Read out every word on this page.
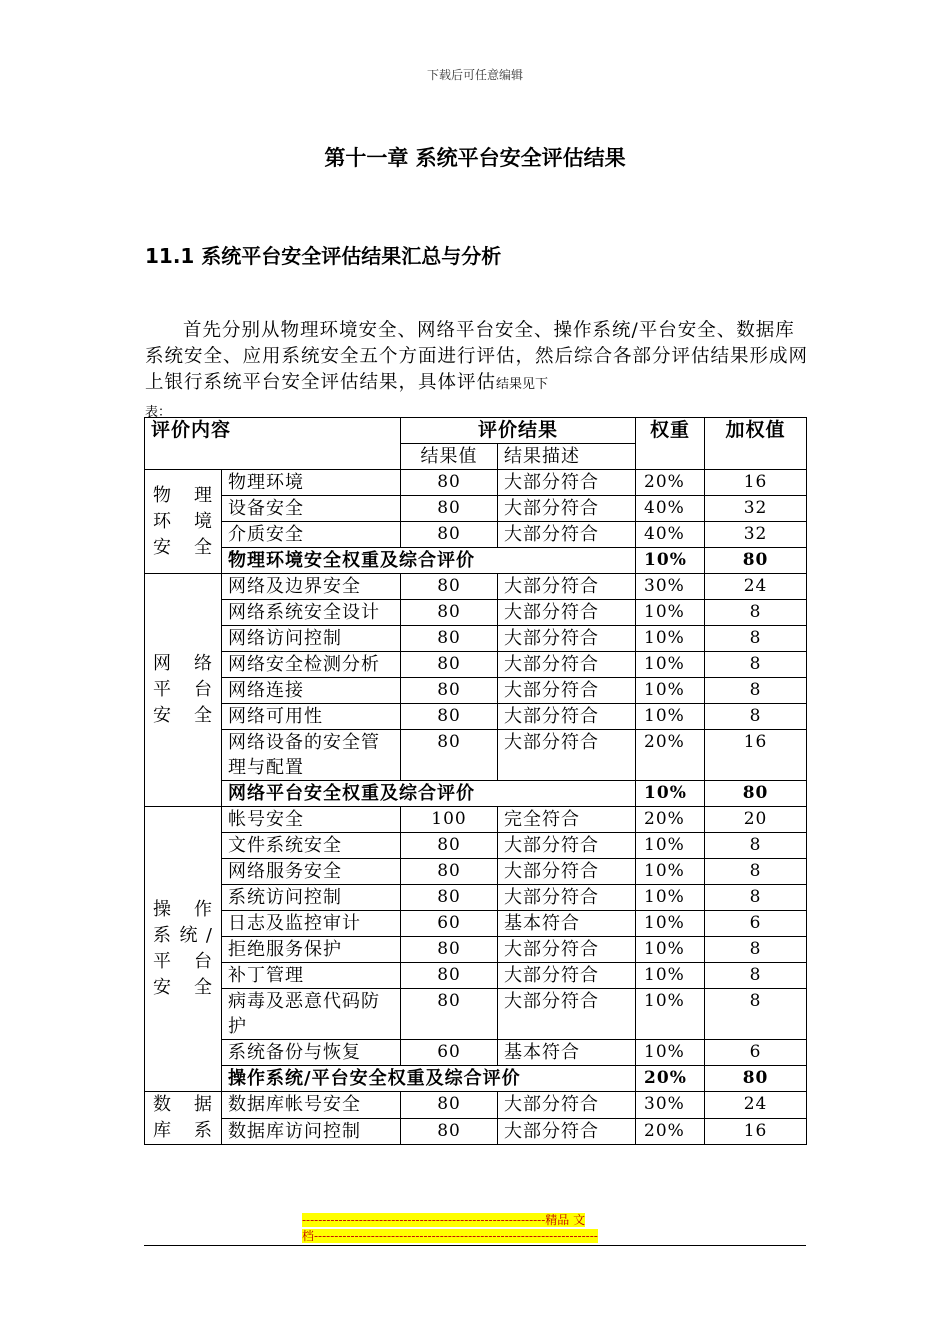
下载后可任意编辑
第十一章 系统平台安全评估结果
11.1 系统平台安全评估结果汇总与分析
首先分别从物理环境安全、网络平台安全、操作系统/平台安全、数据库系统安全、应用系统安全五个方面进行评估，然后综合各部分评估结果形成网上银行系统平台安全评估结果，具体评估结果见下
表：
评价内容		评价结果		权重	加权值
		结果值	结果描述		
物 理 环 境 安全	物理环境	80	大部分符合	20%	16
	设备安全	80	大部分符合	40%	32
	介质安全	80	大部分符合	40%	32
	物理环境安全权重及综合评价			10%	80
网 络 平 台 安全	网络及边界安全	80	大部分符合	30%	24
	网络系统安全设计	80	大部分符合	10%	8
	网络访问控制	80	大部分符合	10%	8
	网络安全检测分析	80	大部分符合	10%	8
	网络连接	80	大部分符合	10%	8
	网络可用性	80	大部分符合	10%	8
	网络设备的安全管理与配置	80	大部分符合	20%	16
	网络平台安全权重及综合评价			10%	80
操 作 系统/ 平 台 安全	帐号安全	100	完全符合	20%	20
	文件系统安全	80	大部分符合	10%	8
	网络服务安全	80	大部分符合	10%	8
	系统访问控制	80	大部分符合	10%	8
	日志及监控审计	60	基本符合	10%	6
	拒绝服务保护	80	大部分符合	10%	8
	补丁管理	80	大部分符合	10%	8
	病毒及恶意代码防护	80	大部分符合	10%	8
	系统备份与恢复	60	基本符合	10%	6
	操作系统/平台安全权重及综合评价			20%	80
数 据 库 系	数据库帐号安全	80	大部分符合	30%	24
	数据库访问控制	80	大部分符合	20%	16
------------------------------------------------------------精品 文
档----------------------------------------------------------------------
